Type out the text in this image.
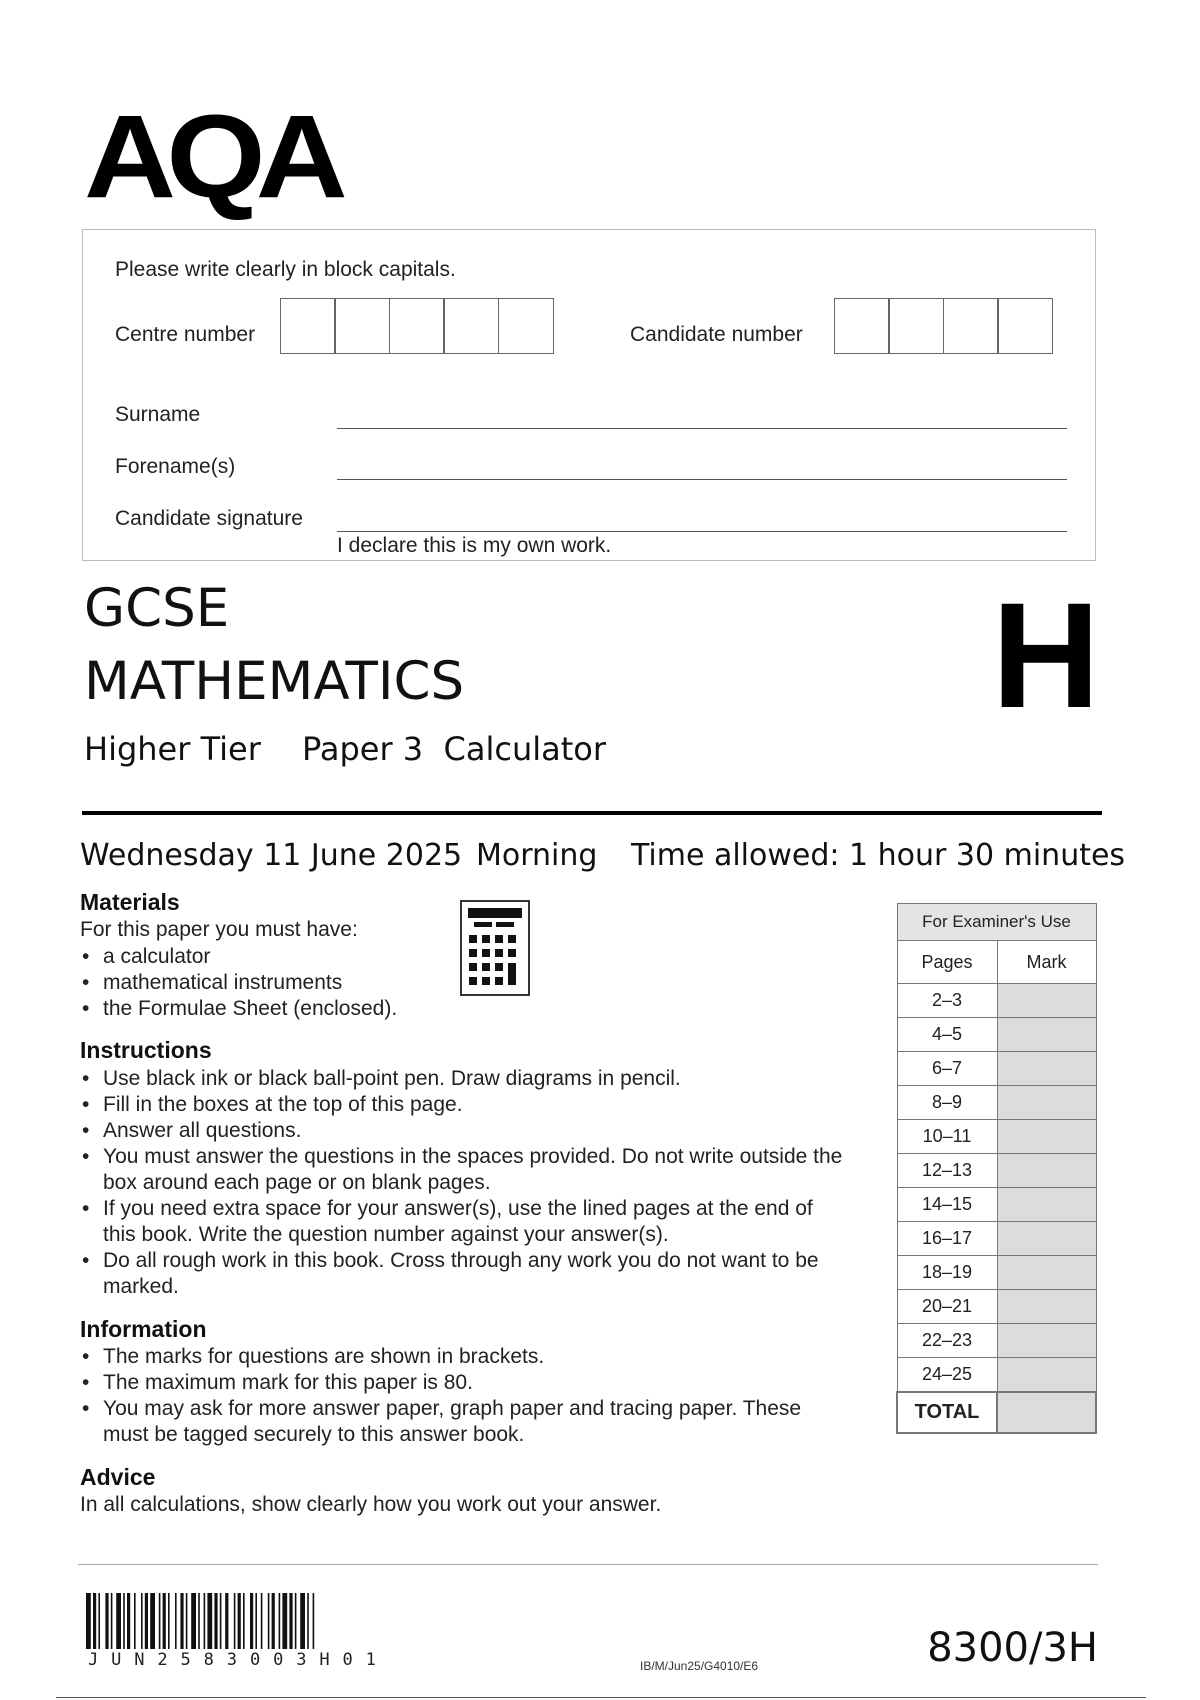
AQA
Please write clearly in block capitals.
Centre number	Candidate number
Surname
Forename(s)
Candidate signature
I declare this is my own work.
GCSE
MATHEMATICS
Higher Tier Paper 3  Calculator
H
Wednesday 11 June 2025 Morning Time allowed: 1 hour 30 minutes
Materials
For this paper you must have:
• a calculator
• mathematical instruments
• the Formulae Sheet (enclosed).
Instructions
• Use black ink or black ball-point pen. Draw diagrams in pencil.
• Fill in the boxes at the top of this page.
• Answer all questions.
• You must answer the questions in the spaces provided. Do not write outside the box around each page or on blank pages.
• If you need extra space for your answer(s), use the lined pages at the end of this book. Write the question number against your answer(s).
• Do all rough work in this book. Cross through any work you do not want to be marked.
Information
• The marks for questions are shown in brackets.
• The maximum mark for this paper is 80.
• You may ask for more answer paper, graph paper and tracing paper. These must be tagged securely to this answer book.
Advice
In all calculations, show clearly how you work out your answer.
For Examiner's Use	
Pages	Mark
2–3	
4–5	
6–7	
8–9	
10–11	
12–13	
14–15	
16–17	
18–19	
20–21	
22–23	
24–25	
TOTAL	
JUN2583003H01	IB/M/Jun25/G4010/E6	8300/3H
